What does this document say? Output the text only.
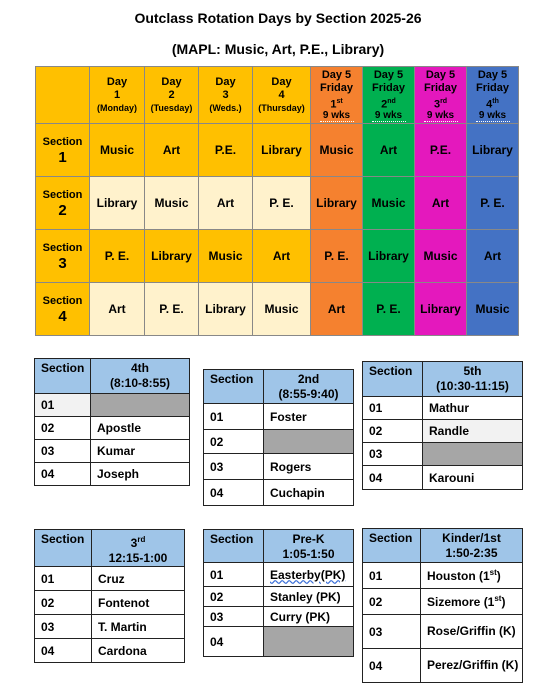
Outclass Rotation Days by Section 2025-26
(MAPL: Music, Art, P.E., Library)
	Day
1
(Monday)	Day
2
(Tuesday)	Day
3
(Weds.)	Day
4
(Thursday)	Day 5
Friday
1st
9 wks	Day 5
Friday
2nd
9 wks	Day 5
Friday
3rd
9 wks	Day 5
Friday
4th
9 wks

Section
1	Music	Art	P.E.	Library	Music	Art	P.E.	Library
Section
2	Library	Music	Art	P. E.	Library	Music	Art	P. E.
Section
3	P. E.	Library	Music	Art	P. E.	Library	Music	Art
Section
4	Art	P. E.	Library	Music	Art	P. E.	Library	Music
Section	4th
(8:10-8:55)
01	
02	Apostle
03	Kumar
04	Joseph
Section	2nd
(8:55-9:40)
01	Foster
02	
03	Rogers
04	Cuchapin
Section	5th
(10:30-11:15)
01	Mathur
02	Randle
03	
04	Karouni
Section	3rd
12:15-1:00
01	Cruz
02	Fontenot
03	T. Martin
04	Cardona
Section	Pre-K
1:05-1:50
01	Easterby(PK)
02	Stanley (PK)
03	Curry (PK)
04	
Section	Kinder/1st
1:50-2:35
01	Houston (1st)
02	Sizemore (1st)
03	Rose/Griffin (K)
04	Perez/Griffin (K)
